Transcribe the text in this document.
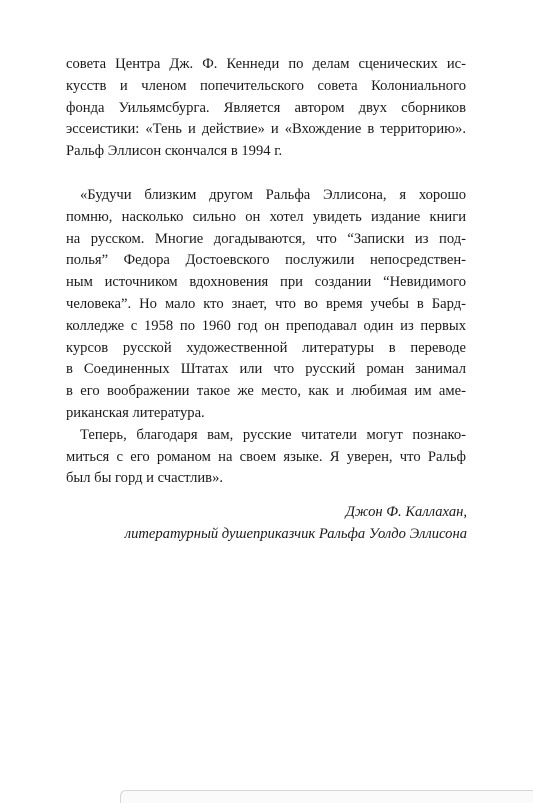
совета Центра Дж. Ф. Кеннеди по делам сценических ис-
кусств и членом попечительского совета Колониального
фонда Уильямсбурга. Является автором двух сборников
эссеистики: «Тень и действие» и «Вхождение в территорию».
Ральф Эллисон скончался в 1994 г.
«Будучи близким другом Ральфа Эллисона, я хорошо
помню, насколько сильно он хотел увидеть издание книги
на русском. Многие догадываются, что “Записки из под-
полья” Федора Достоевского послужили непосредствен-
ным источником вдохновения при создании “Невидимого
человека”. Но мало кто знает, что во время учебы в Бард-
колледже с 1958 по 1960 год он преподавал один из первых
курсов русской художественной литературы в переводе
в Соединенных Штатах или что русский роман занимал
в его воображении такое же место, как и любимая им аме-
риканская литература.
Теперь, благодаря вам, русские читатели могут познако-
миться с его романом на своем языке. Я уверен, что Ральф
был бы горд и счастлив».
Джон Ф. Каллахан,
литературный душеприказчик Ральфа Уолдо Эллисона
